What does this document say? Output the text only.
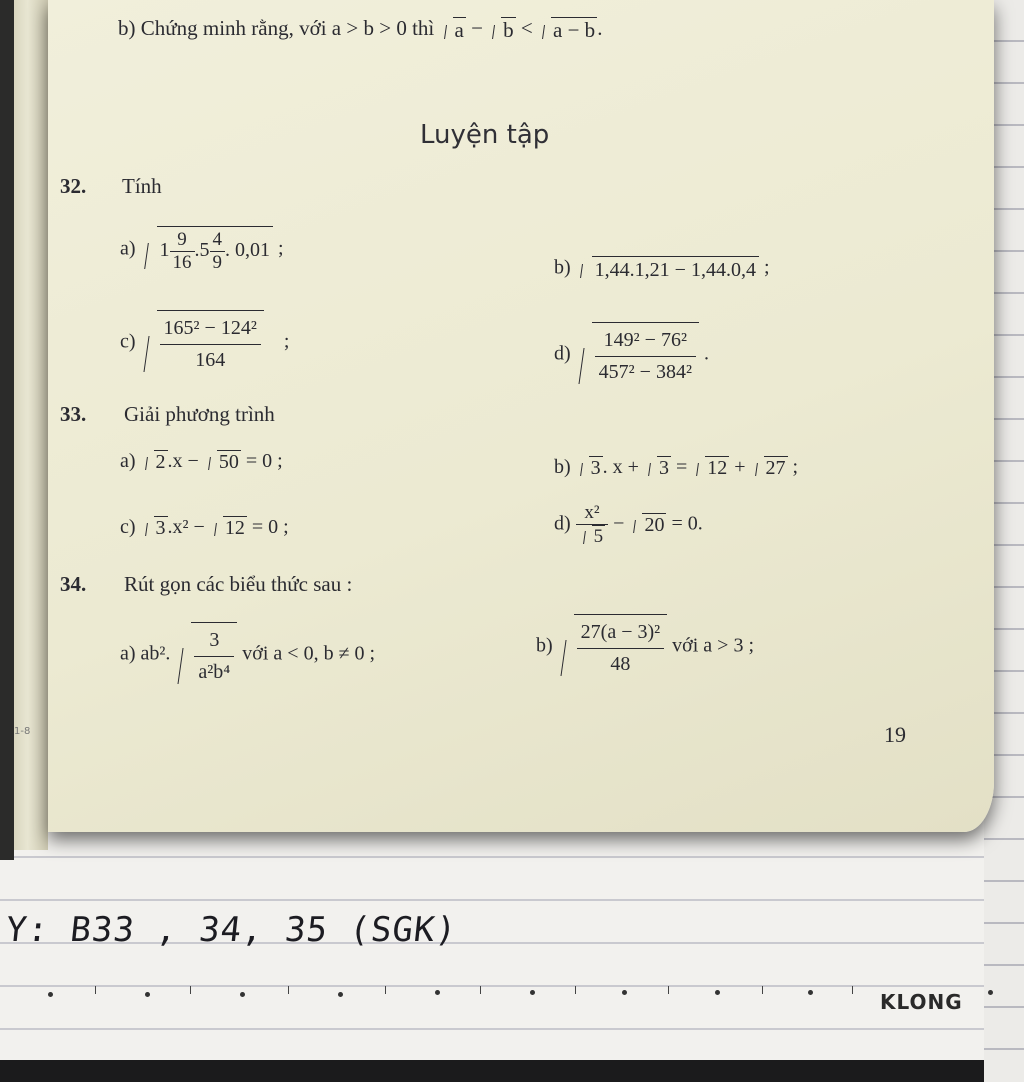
b) Chứng minh rằng, với a > b > 0 thì a − b < a − b.
Luyện tập
32. Tính
a) $1 \frac{9}{16} .5 \frac{4}{9}$ . 0,01 ;
b) 1,44.1,21 − 1,44.0,4 ;
$c) \frac{\text{165² − 124²}}{164}$ ;
$d) \frac{\text{149² − 76²}}{\text{457² − 384²}}$ .
33. Giải phương trình
a) 2 .x − 50 = 0 ;	b) 3 . x + 3 = 12 + 27 ;
c) 3 .x² − 12 = 0 ;	$d) \frac{\text{x²}}{5} - 20 = 0$.
34. Rút gọn các biểu thức sau :
a) ab². $\frac{3}{\text{a²b⁴}}$ với a < 0, b ≠ 0 ;	$b) \frac{\text{27(a − 3)²}}{48}$ với a > 3 ;
19
1-8
Y: B33 , 34, 35 (SGK)
KLONG
